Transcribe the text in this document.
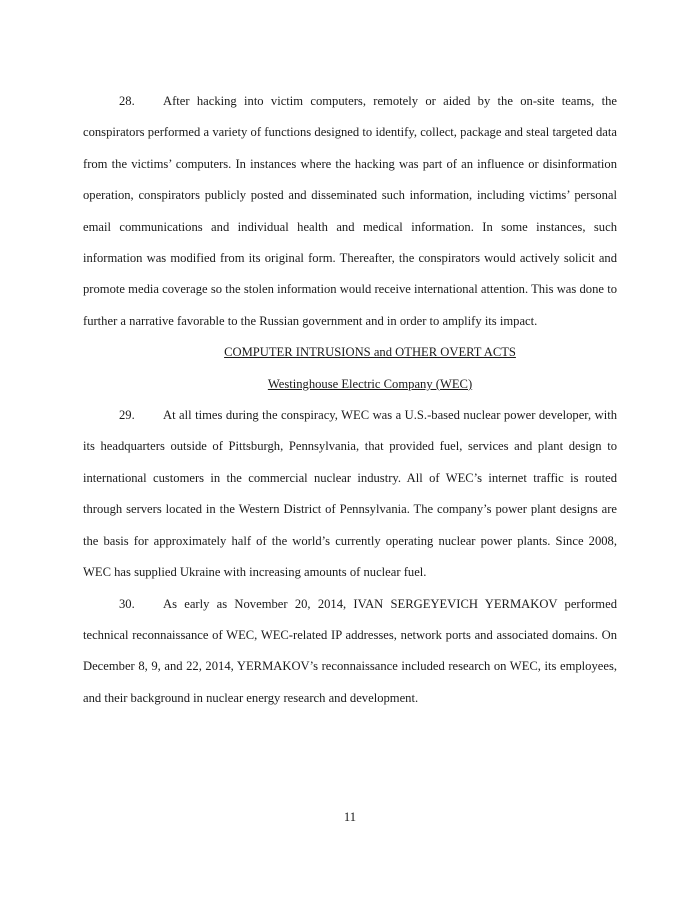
28. After hacking into victim computers, remotely or aided by the on-site teams, the conspirators performed a variety of functions designed to identify, collect, package and steal targeted data from the victims’ computers. In instances where the hacking was part of an influence or disinformation operation, conspirators publicly posted and disseminated such information, including victims’ personal email communications and individual health and medical information. In some instances, such information was modified from its original form. Thereafter, the conspirators would actively solicit and promote media coverage so the stolen information would receive international attention. This was done to further a narrative favorable to the Russian government and in order to amplify its impact.

COMPUTER INTRUSIONS and OTHER OVERT ACTS

Westinghouse Electric Company (WEC)

29. At all times during the conspiracy, WEC was a U.S.-based nuclear power developer, with its headquarters outside of Pittsburgh, Pennsylvania, that provided fuel, services and plant design to international customers in the commercial nuclear industry. All of WEC’s internet traffic is routed through servers located in the Western District of Pennsylvania. The company’s power plant designs are the basis for approximately half of the world’s currently operating nuclear power plants. Since 2008, WEC has supplied Ukraine with increasing amounts of nuclear fuel.

30. As early as November 20, 2014, IVAN SERGEYEVICH YERMAKOV performed technical reconnaissance of WEC, WEC-related IP addresses, network ports and associated domains. On December 8, 9, and 22, 2014, YERMAKOV’s reconnaissance included research on WEC, its employees, and their background in nuclear energy research and development.

11
